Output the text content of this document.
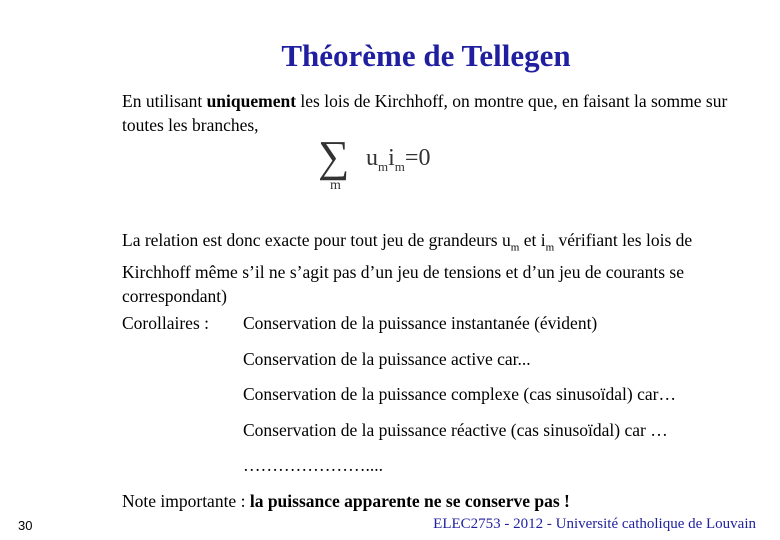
Théorème de Tellegen
En utilisant uniquement les lois de Kirchhoff, on montre que, en faisant la somme sur toutes les branches,
∑
m
$u_mi_m=0$
La relation est donc exacte pour tout jeu de grandeurs $u_m$ et $i_m$ vérifiant les lois de Kirchhoff même s’il ne s’agit pas d’un jeu de tensions et d’un jeu de courants se correspondant)
Corollaires : Conservation de la puissance instantanée (évident)
Conservation de la puissance active car...
Conservation de la puissance complexe (cas sinusoïdal) car…
Conservation de la puissance réactive (cas sinusoïdal) car …
…………………....
Note importante : la puissance apparente ne se conserve pas !
30	ELEC2753 - 2012 - Université catholique de Louvain
